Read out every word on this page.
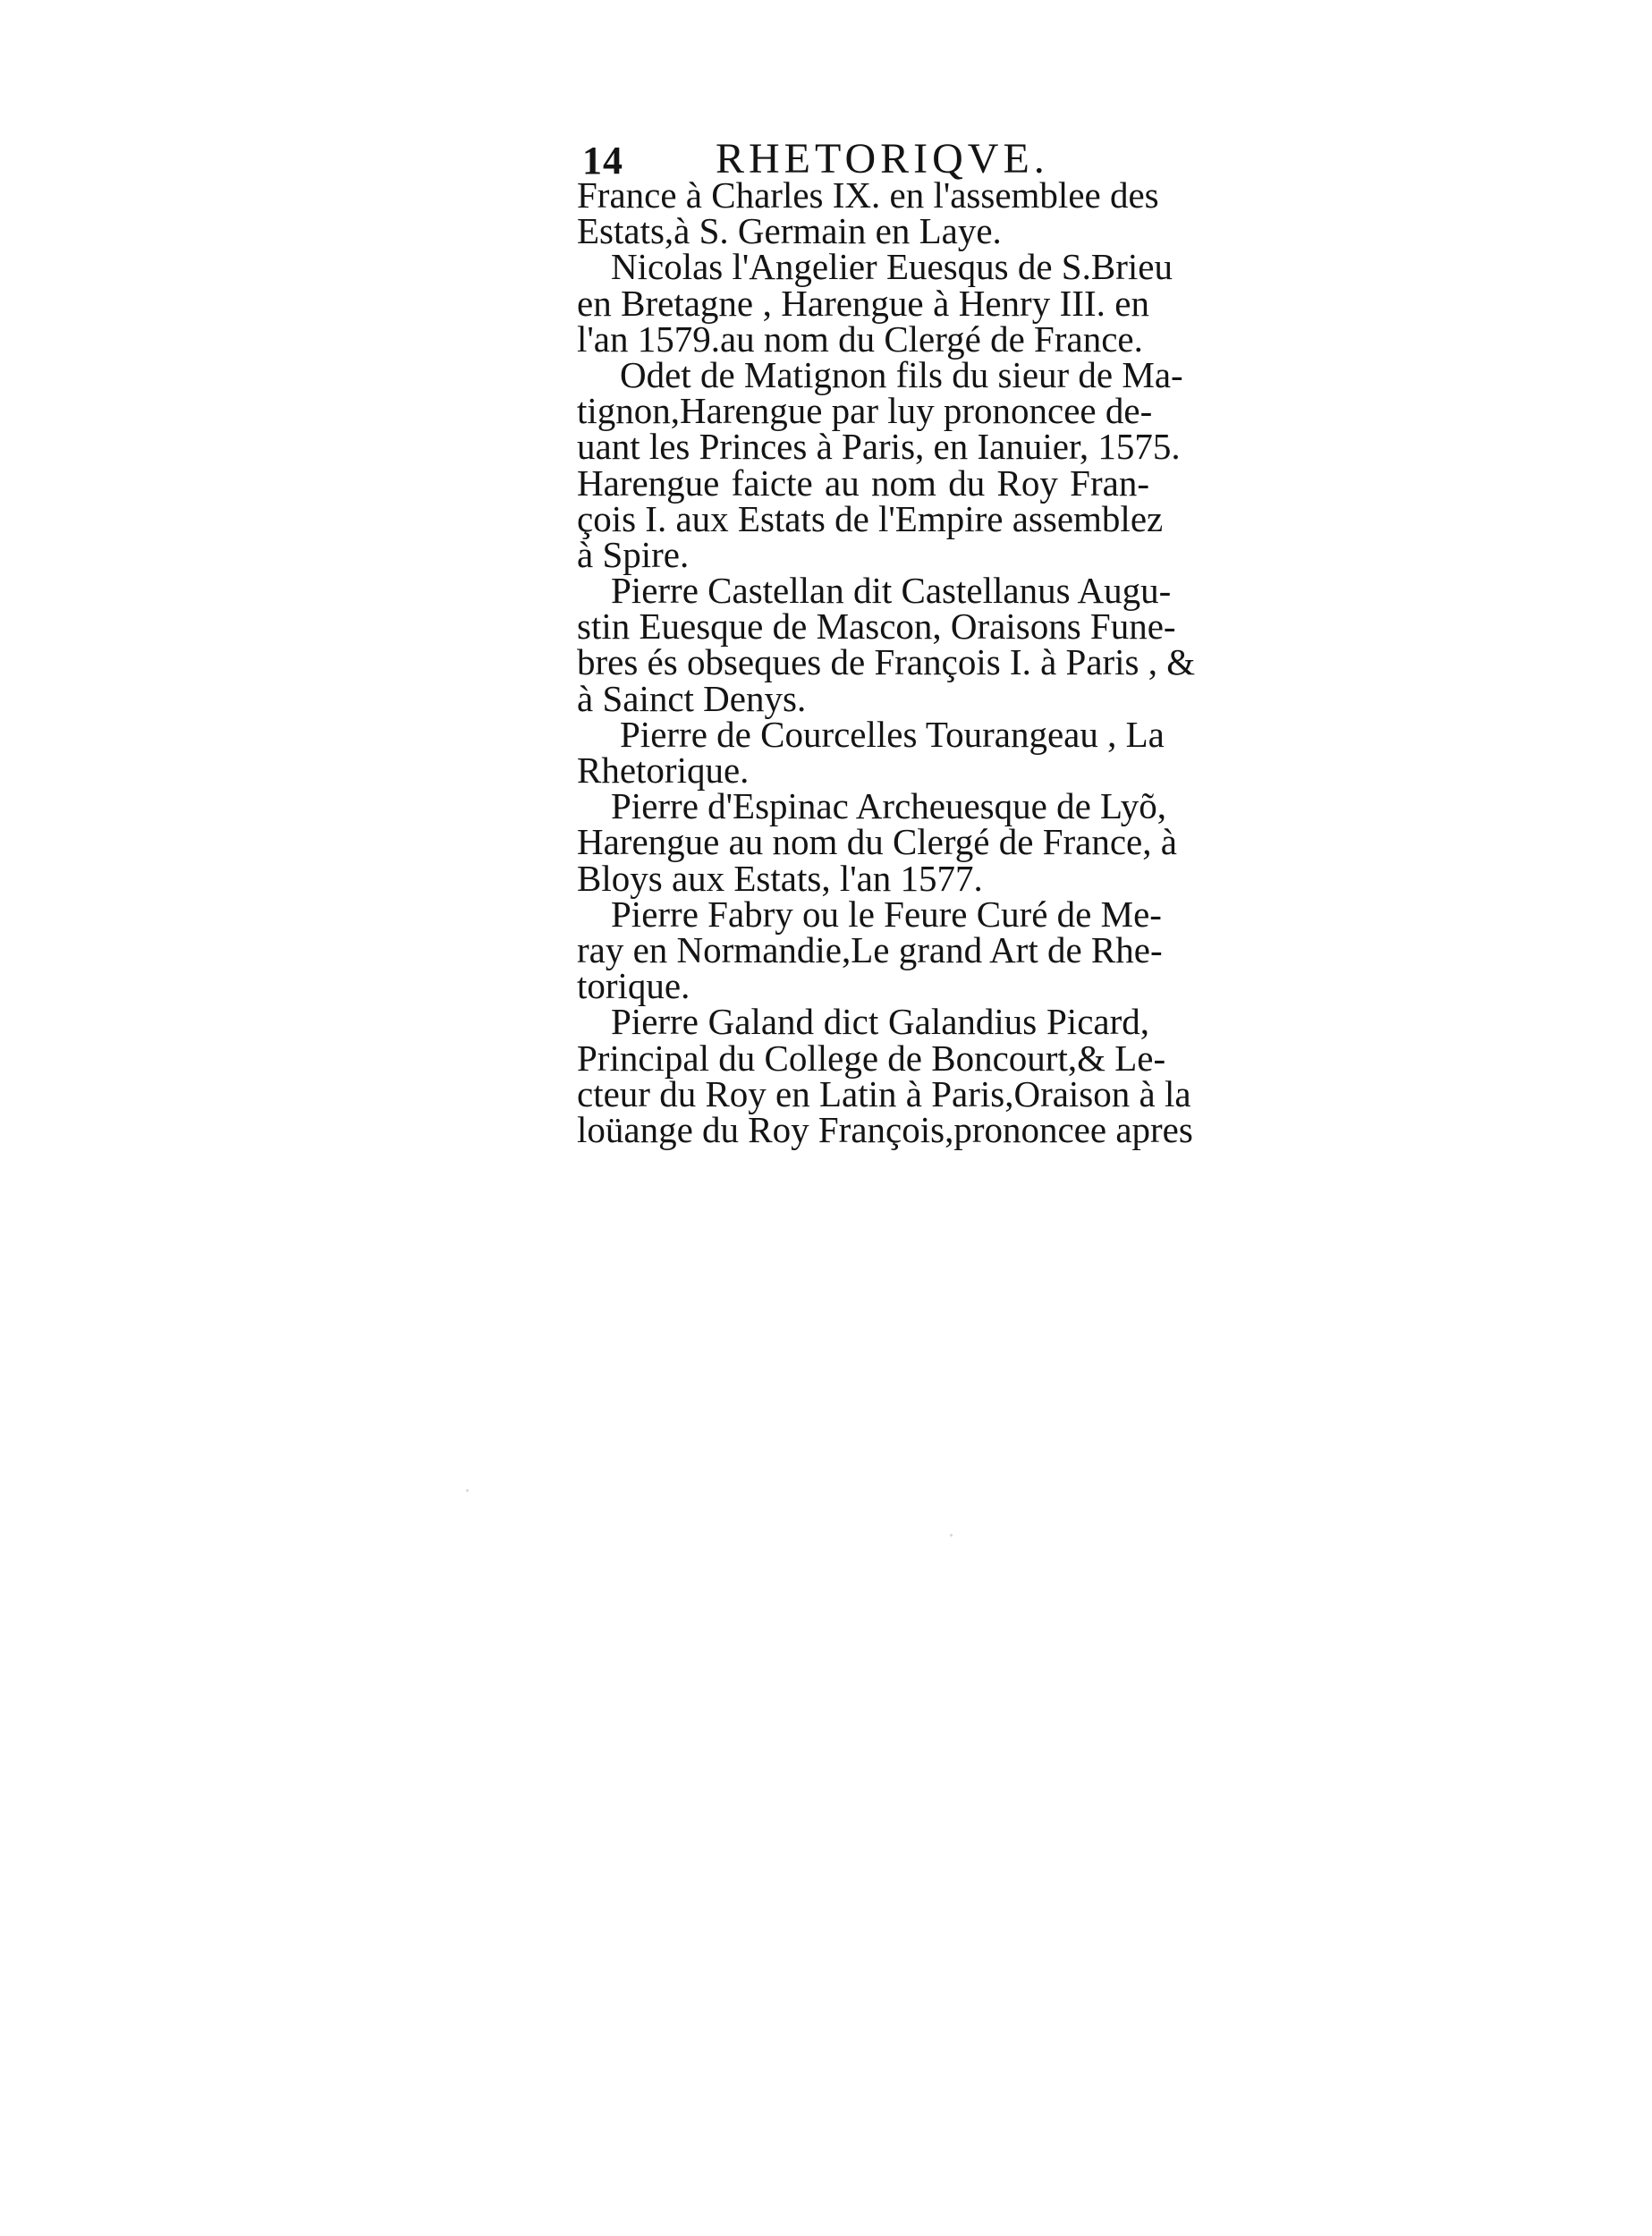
14 RHETORIQVE.
France à Charles IX. en l'assemblee des
Estats,à S. Germain en Laye.
Nicolas l'Angelier Euesqus de S.Brieu
en Bretagne , Harengue à Henry III. en
l'an 1579.au nom du Clergé de France.
Odet de Matignon fils du sieur de Ma-
tignon,Harengue par luy prononcee de-
uant les Princes à Paris, en Ianuier, 1575.
Harengue faicte au nom du Roy Fran-
çois I. aux Estats de l'Empire assemblez
à Spire.
Pierre Castellan dit Castellanus Augu-
stin Euesque de Mascon, Oraisons Fune-
bres és obseques de François I. à Paris , &
à Sainct Denys.
Pierre de Courcelles Tourangeau , La
Rhetorique.
Pierre d'Espinac Archeuesque de Lyõ,
Harengue au nom du Clergé de France, à
Bloys aux Estats, l'an 1577.
Pierre Fabry ou le Feure Curé de Me-
ray en Normandie,Le grand Art de Rhe-
torique.
Pierre Galand dict Galandius Picard,
Principal du College de Boncourt,& Le-
cteur du Roy en Latin à Paris,Oraison à la
loüange du Roy François,prononcee apres
